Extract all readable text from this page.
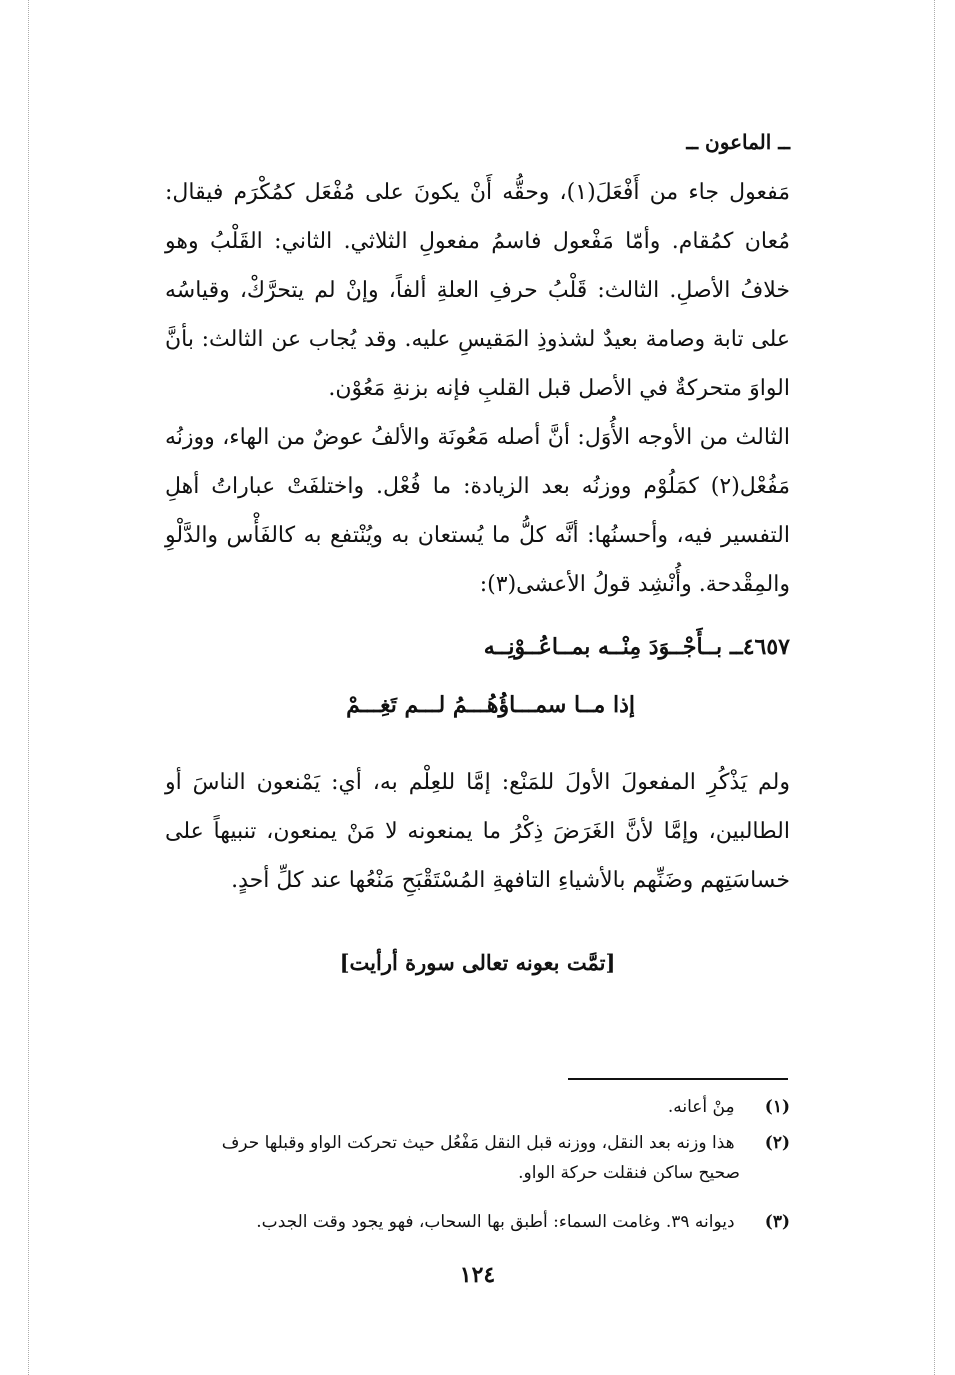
ــ الماعون ــ
مَفعول جاء من أَفْعَلَ(١)، وحقُّه أَنْ يكونَ على مُفْعَل كمُكْرَم فيقال: مُعان كمُقام. وأمّا مَفْعول فاسمُ مفعولِ الثلاثي. الثاني: القَلْبُ وهو خلافُ الأصلِ. الثالث: قَلْبُ حرفِ العلةِ ألفاً، وإنْ لم يتحرَّكْ، وقياسُه على تابة وصامة بعيدٌ لشذوذِ المَقيسِ عليه. وقد يُجاب عن الثالث: بأنَّ الواوَ متحركةٌ في الأصل قبل القلبِ فإنه بزنةِ مَعُوْن.
الثالث من الأوجه الأُوَل: أنَّ أصله مَعُونَة والألفُ عوضٌ من الهاء، ووزنُه مَفُعْل(٢) كمَلُوْم ووزنُه بعد الزيادة: ما فُعْل. واختلفَتْ عباراتُ أهلِ التفسير فيه، وأحسنُها: أنَّه كلُّ ما يُستعان به ويُنْتفع به كالفَأْس والدَّلْوِ والمِقْدحة. وأُنْشِد قولُ الأعشى(٣):
٤٦٥٧ــ بــأَجْــوَدَ مِنْــه بمــاعُــوْنِــه
إذا مــا سمـــاؤُهُـــمُ لـــم تَغِـــمْ
ولم يَذْكُرِ المفعولَ الأولَ للمَنْع: إمَّا للعِلْم به، أي: يَمْنعون الناسَ أو الطالبين، وإمَّا لأنَّ الغَرَضَ ذِكْرُ ما يمنعونه لا مَنْ يمنعون، تنبيهاً على خساسَتِهم وضَنِّهم بالأشياءِ التافهةِ المُسْتَقْبَحِ مَنْعُها عند كلِّ أحدٍ.
[تمَّت بعونه تعالى سورة أرأيت]
(١) مِنْ أعانه.
(٢) هذا وزنه بعد النقل، ووزنه قبل النقل مَفْعُل حيث تحركت الواو وقبلها حرف
صحيح ساكن فنقلت حركة الواو.
(٣) ديوانه ٣٩. وغامت السماء: أطبق بها السحاب، فهو يجود وقت الجدب.
١٢٤
